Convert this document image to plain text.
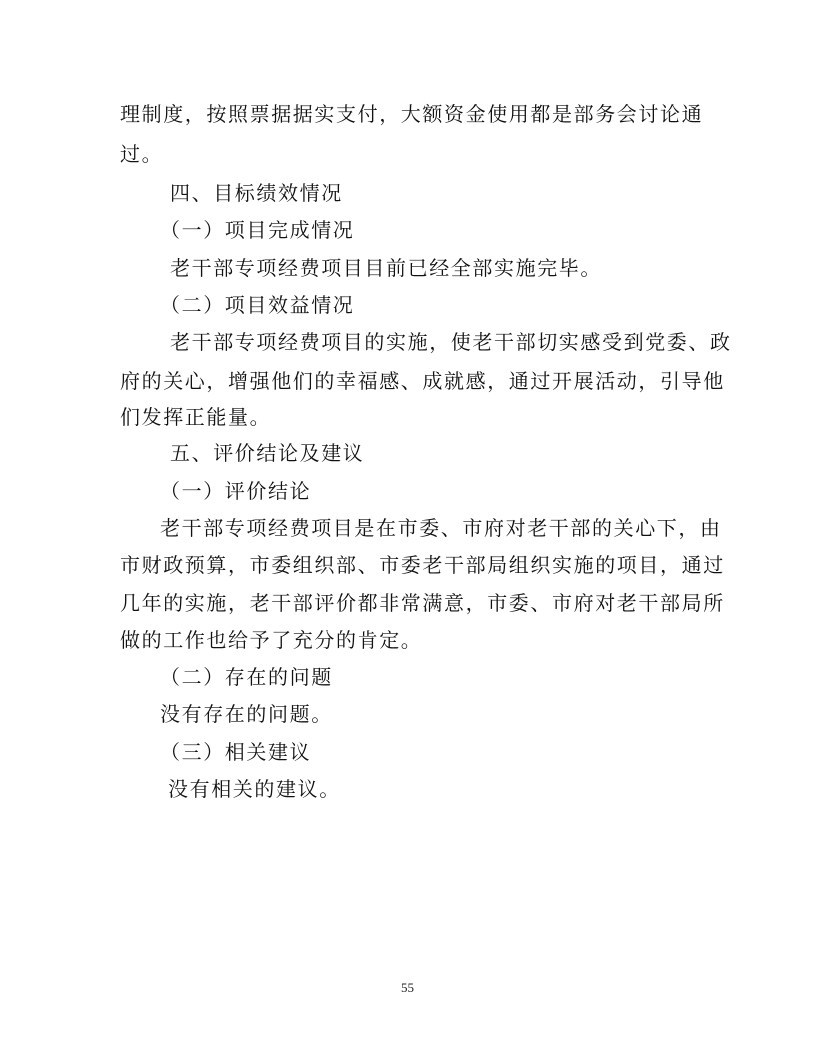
理制度，按照票据据实支付，大额资金使用都是部务会讨论通
过。
四、目标绩效情况
（一）项目完成情况
老干部专项经费项目目前已经全部实施完毕。
（二）项目效益情况
老干部专项经费项目的实施，使老干部切实感受到党委、政
府的关心，增强他们的幸福感、成就感，通过开展活动，引导他
们发挥正能量。
五、评价结论及建议
（一）评价结论
老干部专项经费项目是在市委、市府对老干部的关心下，由
市财政预算，市委组织部、市委老干部局组织实施的项目，通过
几年的实施，老干部评价都非常满意，市委、市府对老干部局所
做的工作也给予了充分的肯定。
（二）存在的问题
没有存在的问题。
（三）相关建议
没有相关的建议。
55
